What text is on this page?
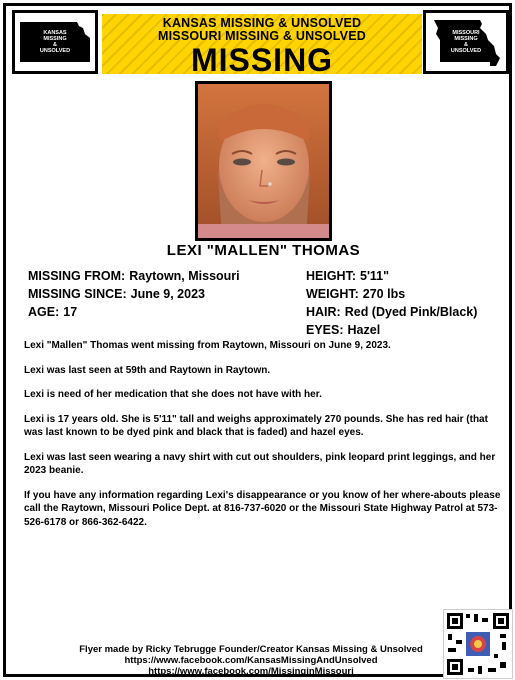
KANSAS
MISSING
&
UNSOLVED
KANSAS MISSING & UNSOLVED
MISSOURI MISSING & UNSOLVED
MISSING
MISSOURI
MISSING
&
UNSOLVED
LEXI "MALLEN" THOMAS
MISSING FROM: Raytown, Missouri
MISSING SINCE: June 9, 2023
AGE: 17
HEIGHT: 5'11"
WEIGHT: 270 lbs
HAIR: Red (Dyed Pink/Black)
EYES: Hazel

Lexi "Mallen" Thomas went missing from Raytown, Missouri on June 9, 2023.

Lexi was last seen at 59th and Raytown in Raytown.

Lexi is need of her medication that she does not have with her.

Lexi is 17 years old. She is 5'11" tall and weighs approximately 270 pounds. She has red hair (that was last known to be dyed pink and black that is faded) and hazel eyes.

Lexi was last seen wearing a navy shirt with cut out shoulders, pink leopard print leggings, and her 2023 beanie.

If you have any information regarding Lexi's disappearance or you know of her where-abouts please call the Raytown, Missouri Police Dept. at 816-737-6020 or the Missouri State Highway Patrol at 573-526-6178 or 866-362-6422.

Flyer made by Ricky Tebrugge Founder/Creator Kansas Missing & Unsolved
https://www.facebook.com/KansasMissingAndUnsolved
https://www.facebook.com/MissinginMissouri
